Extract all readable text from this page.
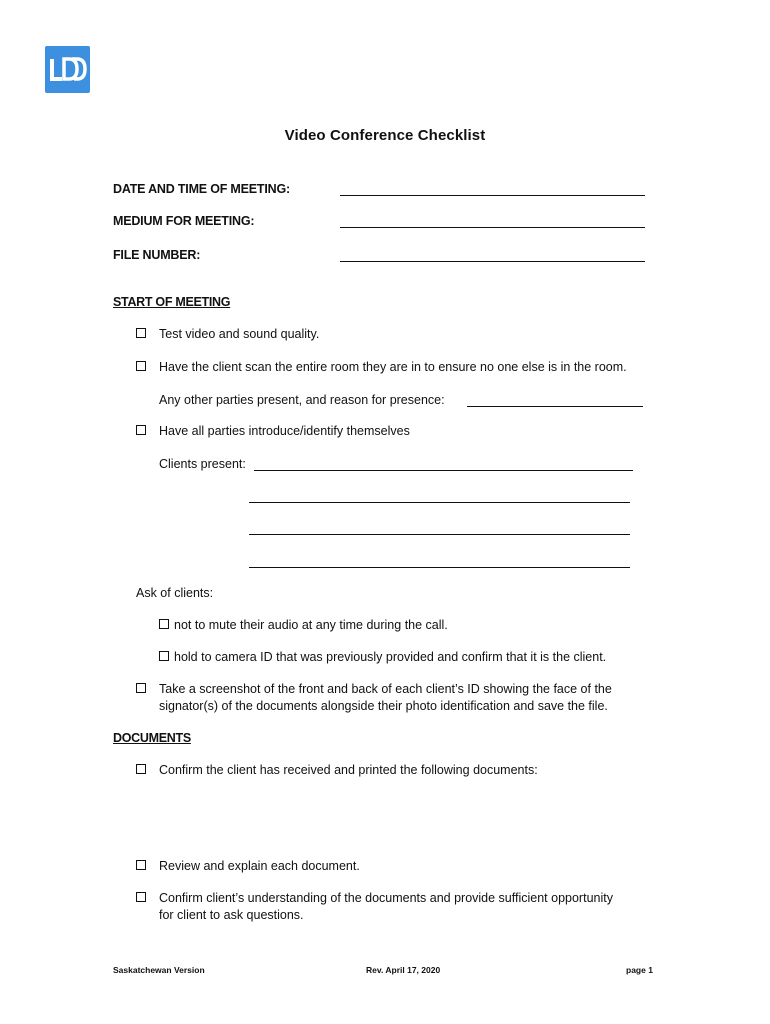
Video Conference Checklist
DATE AND TIME OF MEETING:
MEDIUM FOR MEETING:
FILE NUMBER:
START OF MEETING
Test video and sound quality.
Have the client scan the entire room they are in to ensure no one else is in the room.
Any other parties present, and reason for presence:
Have all parties introduce/identify themselves
Clients present:
Ask of clients:
not to mute their audio at any time during the call.
hold to camera ID that was previously provided and confirm that it is the client.
Take a screenshot of the front and back of each client’s ID showing the face of the
signator(s) of the documents alongside their photo identification and save the file.
DOCUMENTS
Confirm the client has received and printed the following documents:
Review and explain each document.
Confirm client’s understanding of the documents and provide sufficient opportunity
for client to ask questions.
Saskatchewan Version	Rev. April 17, 2020	page 1
